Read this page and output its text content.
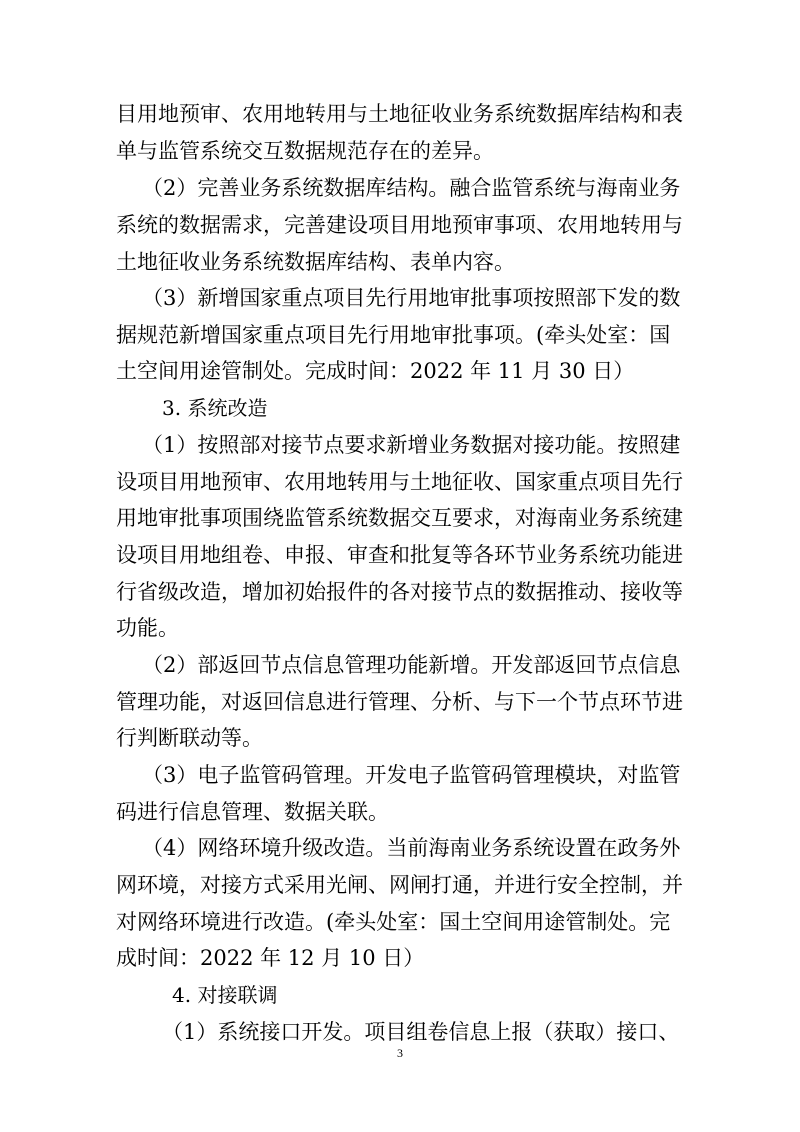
目用地预审、农用地转用与土地征收业务系统数据库结构和表
单与监管系统交互数据规范存在的差异。
（2）完善业务系统数据库结构。融合监管系统与海南业务
系统的数据需求，完善建设项目用地预审事项、农用地转用与
土地征收业务系统数据库结构、表单内容。
（3）新增国家重点项目先行用地审批事项按照部下发的数
据规范新增国家重点项目先行用地审批事项。(牵头处室：国
土空间用途管制处。完成时间：2022 年 11 月 30 日）
3. 系统改造
（1）按照部对接节点要求新增业务数据对接功能。按照建
设项目用地预审、农用地转用与土地征收、国家重点项目先行
用地审批事项围绕监管系统数据交互要求，对海南业务系统建
设项目用地组卷、申报、审查和批复等各环节业务系统功能进
行省级改造，增加初始报件的各对接节点的数据推动、接收等
功能。
（2）部返回节点信息管理功能新增。开发部返回节点信息
管理功能，对返回信息进行管理、分析、与下一个节点环节进
行判断联动等。
（3）电子监管码管理。开发电子监管码管理模块，对监管
码进行信息管理、数据关联。
（4）网络环境升级改造。当前海南业务系统设置在政务外
网环境，对接方式采用光闸、网闸打通，并进行安全控制，并
对网络环境进行改造。(牵头处室：国土空间用途管制处。完
成时间：2022 年 12 月 10 日）
4. 对接联调
（1）系统接口开发。项目组卷信息上报（获取）接口、
3
